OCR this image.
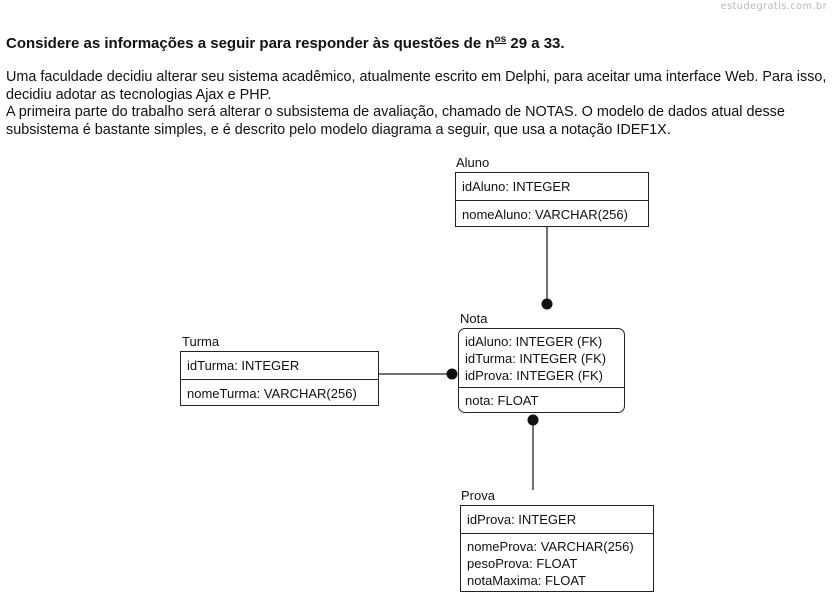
estudegratis.com.br
Considere as informações a seguir para responder às questões de $n^{os}$ 29 a 33.

Uma faculdade decidiu alterar seu sistema acadêmico, atualmente escrito em Delphi, para aceitar uma interface Web. Para isso, decidiu adotar as tecnologias Ajax e PHP.

A primeira parte do trabalho será alterar o subsistema de avaliação, chamado de NOTAS. O modelo de dados atual desse subsistema é bastante simples, e é descrito pelo modelo diagrama a seguir, que usa a notação IDEF1X.

Aluno
idAluno: INTEGER
nomeAluno: VARCHAR(256)
Nota
idAluno: INTEGER (FK)
idTurma: INTEGER (FK)
idProva: INTEGER (FK)
nota: FLOAT
Turma
idTurma: INTEGER
nomeTurma: VARCHAR(256)
Prova
idProva: INTEGER
nomeProva: VARCHAR(256)
pesoProva: FLOAT
notaMaxima: FLOAT
